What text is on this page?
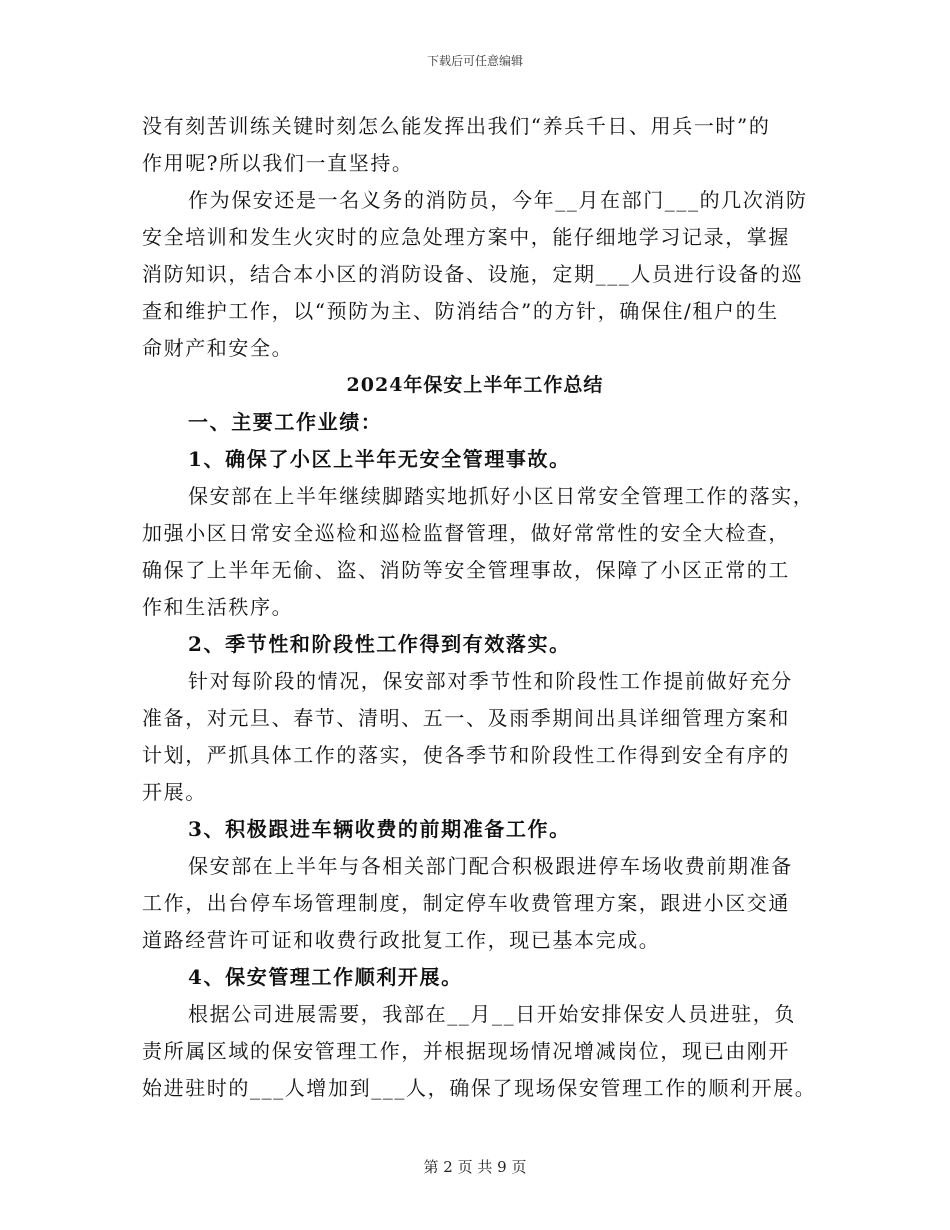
下载后可任意编辑
没有刻苦训练关键时刻怎么能发挥出我们“养兵千日、用兵一时”的
作用呢?所以我们一直坚持。
作为保安还是一名义务的消防员，今年__月在部门___的几次消防
安全培训和发生火灾时的应急处理方案中，能仔细地学习记录，掌握
消防知识，结合本小区的消防设备、设施，定期___人员进行设备的巡
查和维护工作，以“预防为主、防消结合”的方针，确保住/租户的生
命财产和安全。
2024年保安上半年工作总结
一、主要工作业绩：
1、确保了小区上半年无安全管理事故。
保安部在上半年继续脚踏实地抓好小区日常安全管理工作的落实，
加强小区日常安全巡检和巡检监督管理，做好常常性的安全大检查，
确保了上半年无偷、盗、消防等安全管理事故，保障了小区正常的工
作和生活秩序。
2、季节性和阶段性工作得到有效落实。
针对每阶段的情况，保安部对季节性和阶段性工作提前做好充分
准备，对元旦、春节、清明、五一、及雨季期间出具详细管理方案和
计划，严抓具体工作的落实，使各季节和阶段性工作得到安全有序的
开展。
3、积极跟进车辆收费的前期准备工作。
保安部在上半年与各相关部门配合积极跟进停车场收费前期准备
工作，出台停车场管理制度，制定停车收费管理方案，跟进小区交通
道路经营许可证和收费行政批复工作，现已基本完成。
4、保安管理工作顺利开展。
根据公司进展需要，我部在__月__日开始安排保安人员进驻，负
责所属区域的保安管理工作，并根据现场情况增减岗位，现已由刚开
始进驻时的___人增加到___人，确保了现场保安管理工作的顺利开展。
第 2 页 共 9 页
